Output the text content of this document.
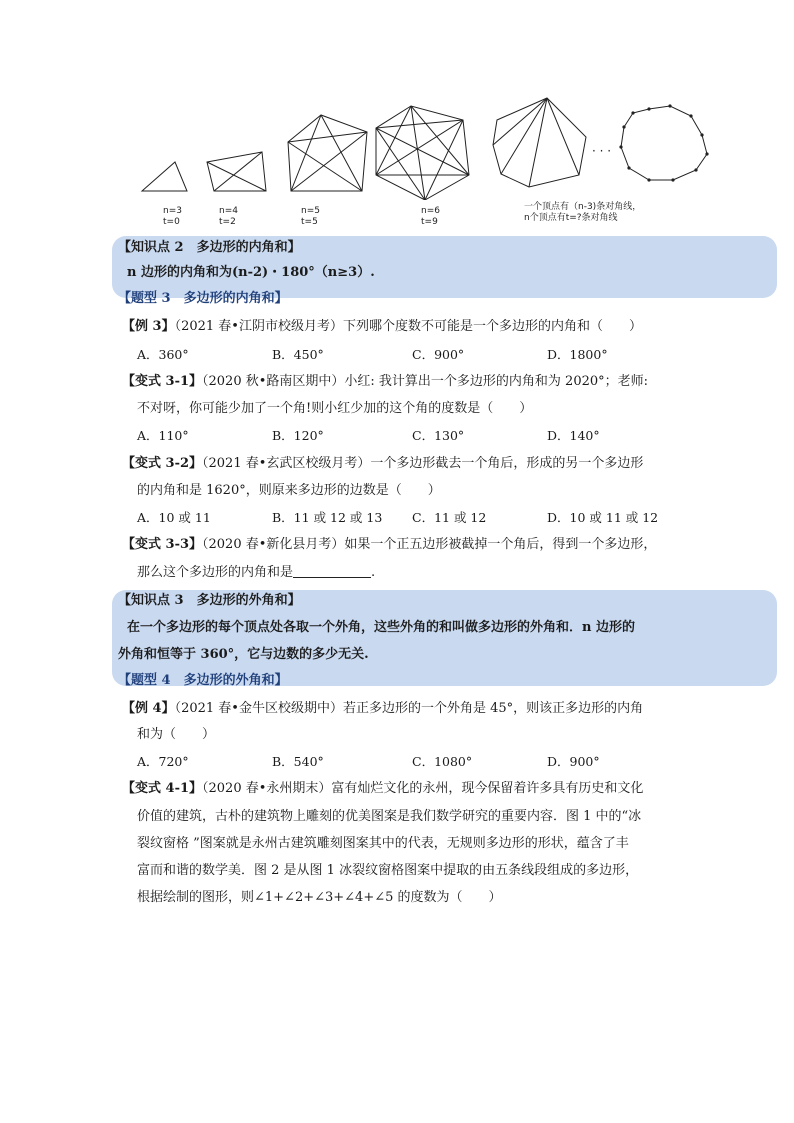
· · ·
n=3
t=0
n=4
t=2
n=5
t=5
n=6
t=9
一个顶点有（n-3)条对角线，
n个顶点有t=?条对角线
【知识点 2　多边形的内角和】
n 边形的内角和为(n-2)・180°（n≥3）.
【题型 3　多边形的内角和】
【例 3】（2021 春•江阴市校级月考）下列哪个度数不可能是一个多边形的内角和（　　）
A．360°	B．450°	C．900°	D．1800°
【变式 3-1】（2020 秋•路南区期中）小红: 我计算出一个多边形的内角和为 2020°；老师:
不对呀，你可能少加了一个角!则小红少加的这个角的度数是（　　）
A．110°	B．120°	C．130°	D．140°
【变式 3-2】（2021 春•玄武区校级月考）一个多边形截去一个角后，形成的另一个多边形
的内角和是 1620°，则原来多边形的边数是（　　）
A．10 或 11	B．11 或 12 或 13 C．11 或 12	D．10 或 11 或 12
【变式 3-3】（2020 春•新化县月考）如果一个正五边形被截掉一个角后，得到一个多边形，
那么这个多边形的内角和是	.
【知识点 3　多边形的外角和】
在一个多边形的每个顶点处各取一个外角，这些外角的和叫做多边形的外角和．n 边形的
外角和恒等于 360°，它与边数的多少无关.
【题型 4　多边形的外角和】
【例 4】（2021 春•金牛区校级期中）若正多边形的一个外角是 45°，则该正多边形的内角
和为（　　）
A．720°	B．540°	C．1080°	D．900°
【变式 4-1】（2020 春•永州期末）富有灿烂文化的永州，现今保留着许多具有历史和文化
价值的建筑，古朴的建筑物上雕刻的优美图案是我们数学研究的重要内容．图 1 中的“冰
裂纹窗格 ”图案就是永州古建筑雕刻图案其中的代表，无规则多边形的形状，蕴含了丰
富而和谐的数学美．图 2 是从图 1 冰裂纹窗格图案中提取的由五条线段组成的多边形，
根据绘制的图形，则∠1+∠2+∠3+∠4+∠5 的度数为（　　）
